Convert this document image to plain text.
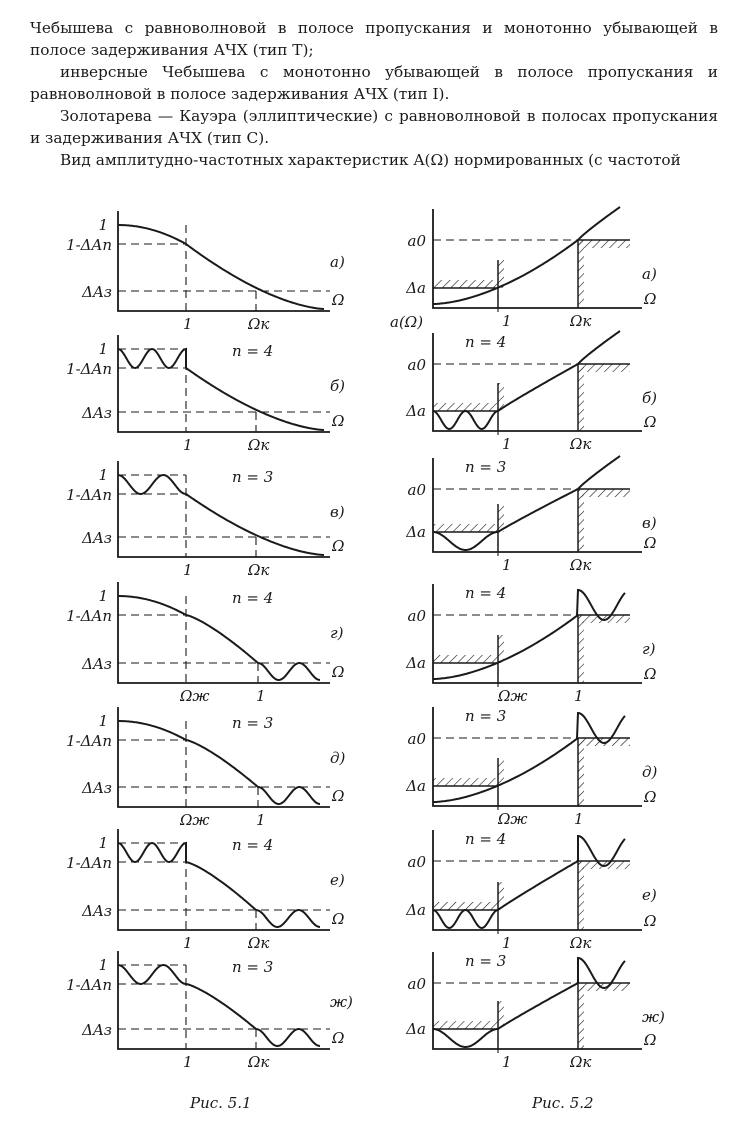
Чебышева с равноволновой в полосе пропускания и монотонно убывающей в полосе задерживания АЧХ (тип T);

инверсные Чебышева с монотонно убывающей в полосе пропускания и равноволновой в полосе задерживания АЧХ (тип I).

Золотарева — Кауэра (эллиптические) с равноволновой в полосах пропускания и задерживания АЧХ (тип C).

Вид амплитудно-частотных характеристик A(Ω) нормированных (с частотой

1
1-ΔAп
ΔAз	Ω
а)
1	Ωк
1
1-ΔAп
ΔAз	Ω
б)
n = 4
1	Ωк
1
1-ΔAп
ΔAз	Ω
в)
n = 3
1	Ωк
1
1-ΔAп
ΔAз	Ω
г)
n = 4
Ωж	1
1
1-ΔAп
ΔAз	Ω
д)
n = 3
Ωж	1
1
1-ΔAп
ΔAз	Ω
е)
n = 4
1	Ωк
1
1-ΔAп
ΔAз	Ω
ж)
n = 3
1	Ωк
a0
Δa
Ω
а)
1	Ωк
a0
Δa
Ω
б)
n = 4
a(Ω)
1	Ωк
a0
Δa
Ω
в)
n = 3
1	Ωк
a0
Δa
Ω
г)
n = 4
Ωж	1
a0
Δa
Ω
д)
n = 3
Ωж	1
a0
Δa
Ω
е)
n = 4
1	Ωк
a0
Δa
Ω
ж)
n = 3
1	Ωк
Рис. 5.1	Рис. 5.2
